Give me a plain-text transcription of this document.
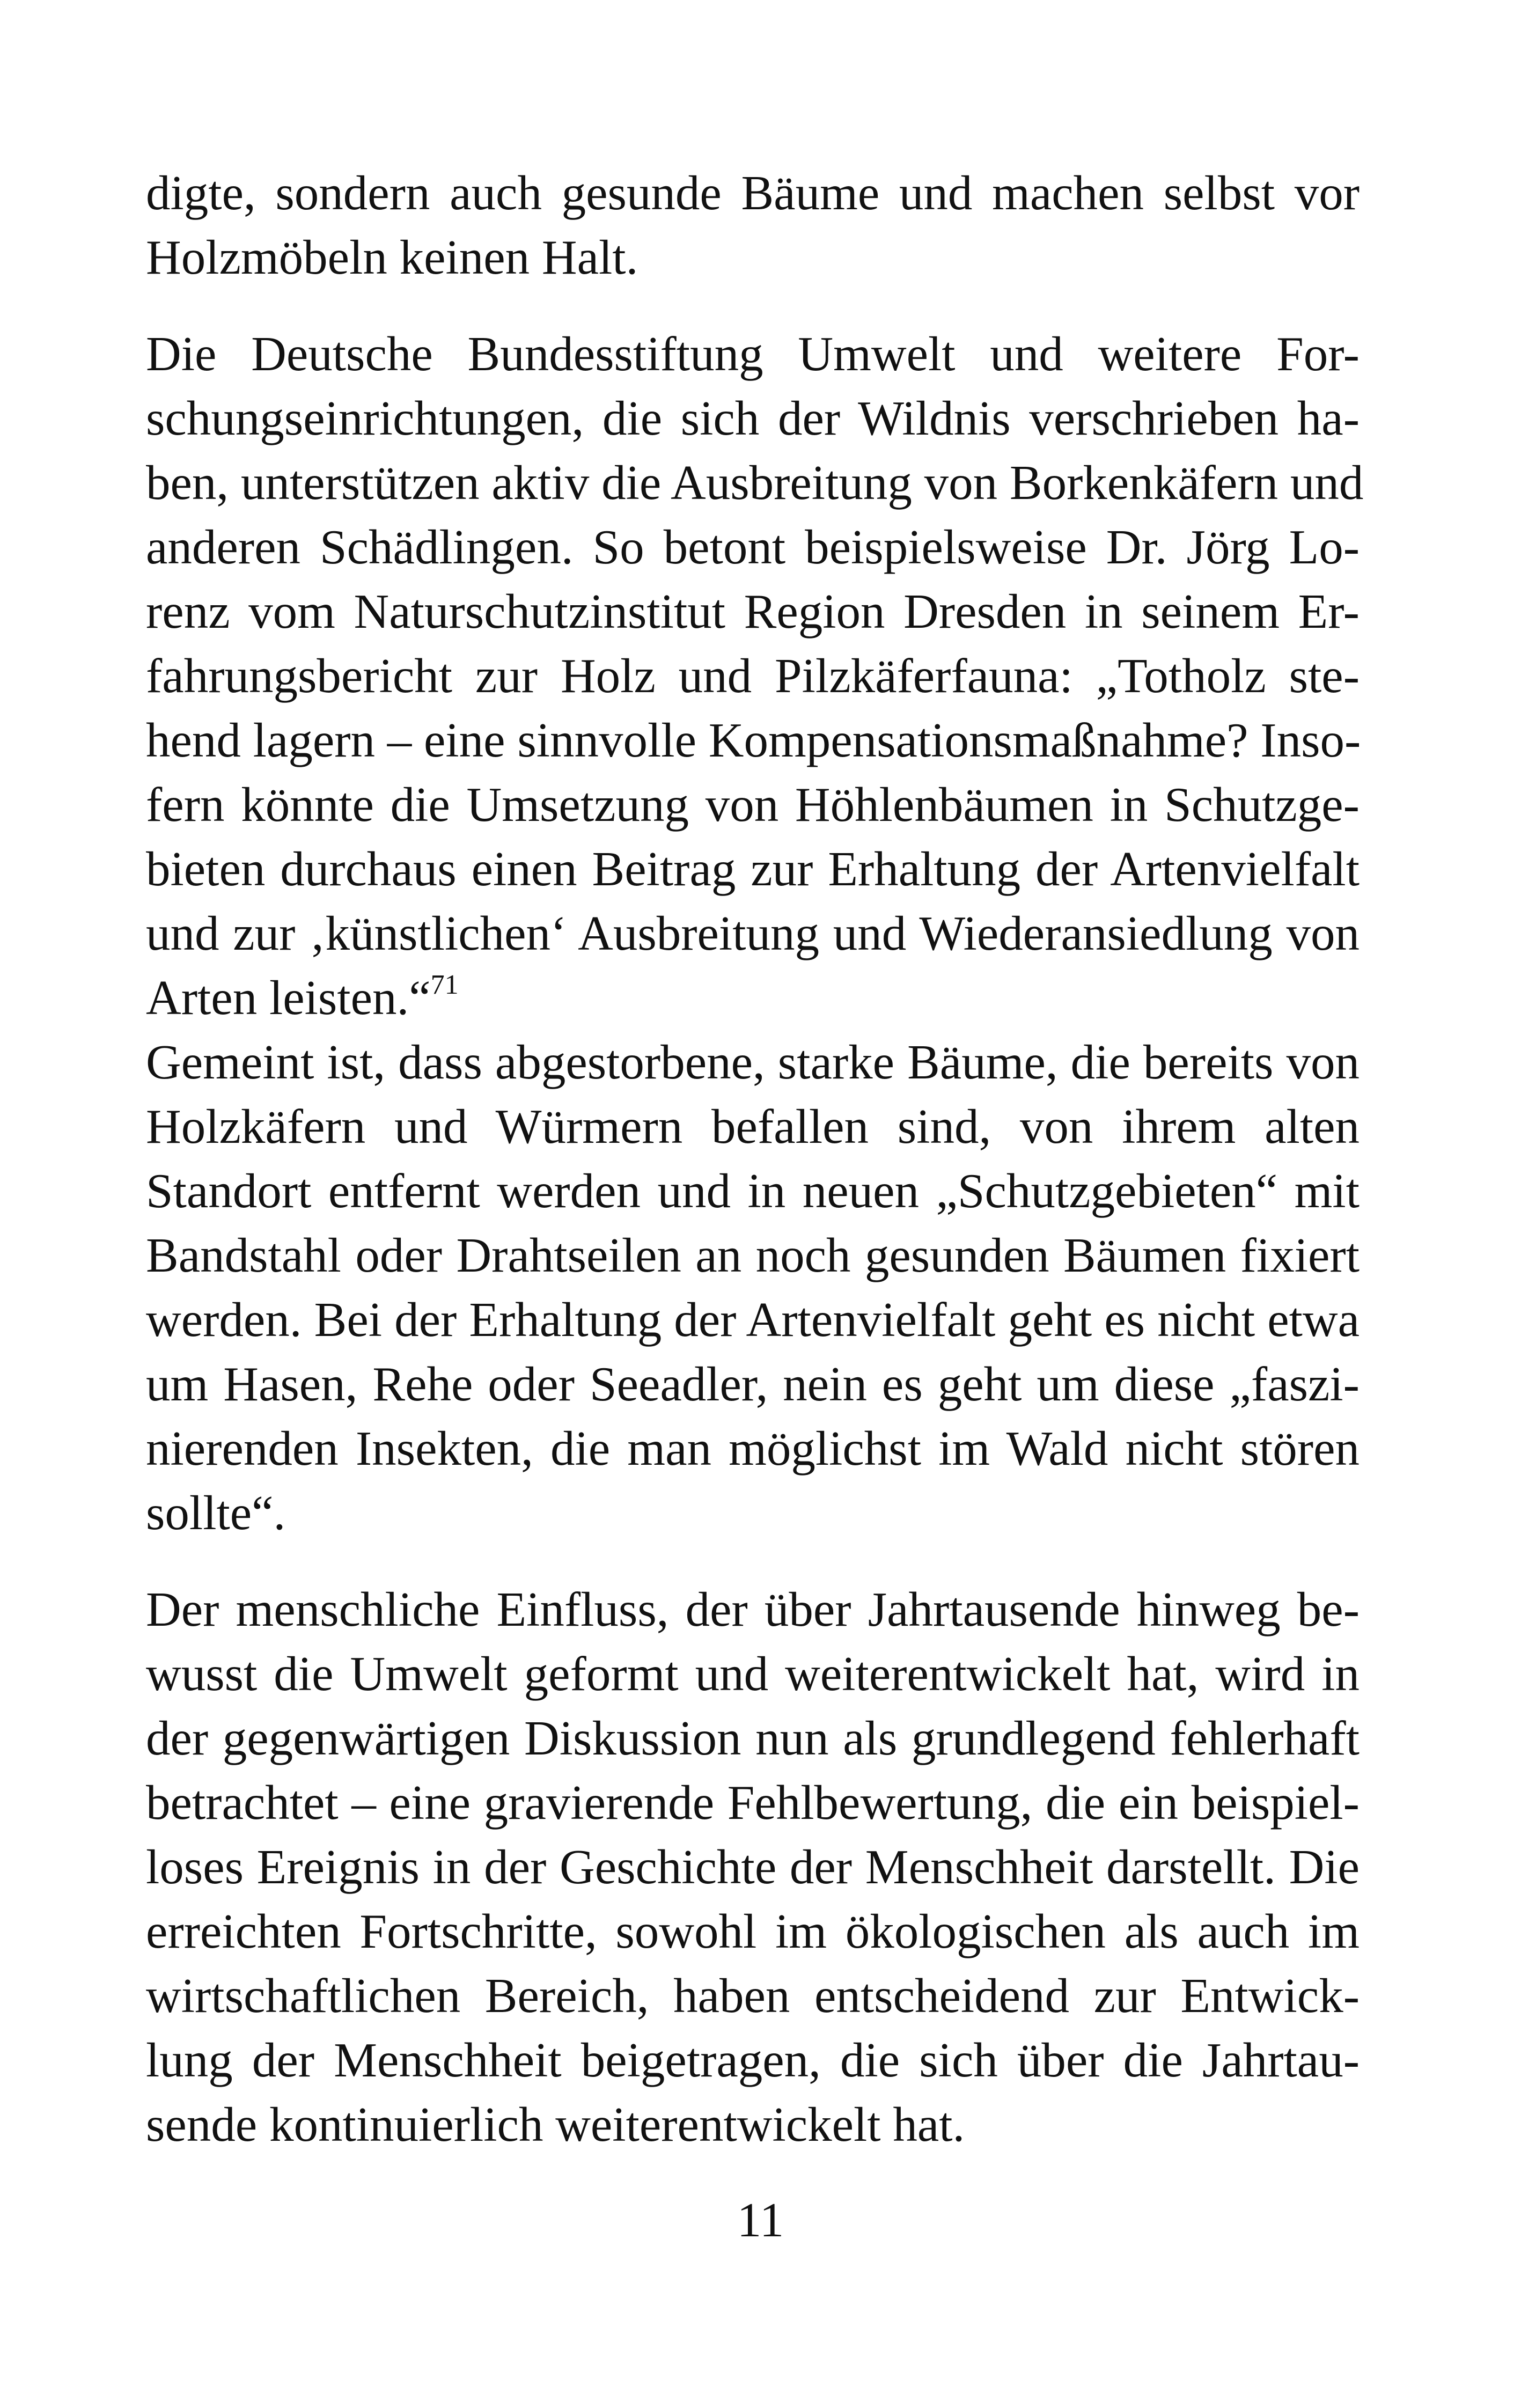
digte, sondern auch gesunde Bäume und machen selbst vor
Holzmöbeln keinen Halt.

Die Deutsche Bundesstiftung Umwelt und weitere For-
schungseinrichtungen, die sich der Wildnis verschrieben ha-
ben, unterstützen aktiv die Ausbreitung von Borkenkäfern und
anderen Schädlingen. So betont beispielsweise Dr. Jörg Lo-
renz vom Naturschutzinstitut Region Dresden in seinem Er-
fahrungsbericht zur Holz und Pilzkäferfauna: „Totholz ste-
hend lagern – eine sinnvolle Kompensationsmaßnahme? Inso-
fern könnte die Umsetzung von Höhlenbäumen in Schutzge-
bieten durchaus einen Beitrag zur Erhaltung der Artenvielfalt
und zur ‚künstlichen‘ Ausbreitung und Wiederansiedlung von
Arten leisten.“$^{71}$

Gemeint ist, dass abgestorbene, starke Bäume, die bereits von
Holzkäfern und Würmern befallen sind, von ihrem alten
Standort entfernt werden und in neuen „Schutzgebieten“ mit
Bandstahl oder Drahtseilen an noch gesunden Bäumen fixiert
werden. Bei der Erhaltung der Artenvielfalt geht es nicht etwa
um Hasen, Rehe oder Seeadler, nein es geht um diese „faszi-
nierenden Insekten, die man möglichst im Wald nicht stören
sollte“.

Der menschliche Einfluss, der über Jahrtausende hinweg be-
wusst die Umwelt geformt und weiterentwickelt hat, wird in
der gegenwärtigen Diskussion nun als grundlegend fehlerhaft
betrachtet – eine gravierende Fehlbewertung, die ein beispiel-
loses Ereignis in der Geschichte der Menschheit darstellt. Die
erreichten Fortschritte, sowohl im ökologischen als auch im
wirtschaftlichen Bereich, haben entscheidend zur Entwick-
lung der Menschheit beigetragen, die sich über die Jahrtau-
sende kontinuierlich weiterentwickelt hat.

11
